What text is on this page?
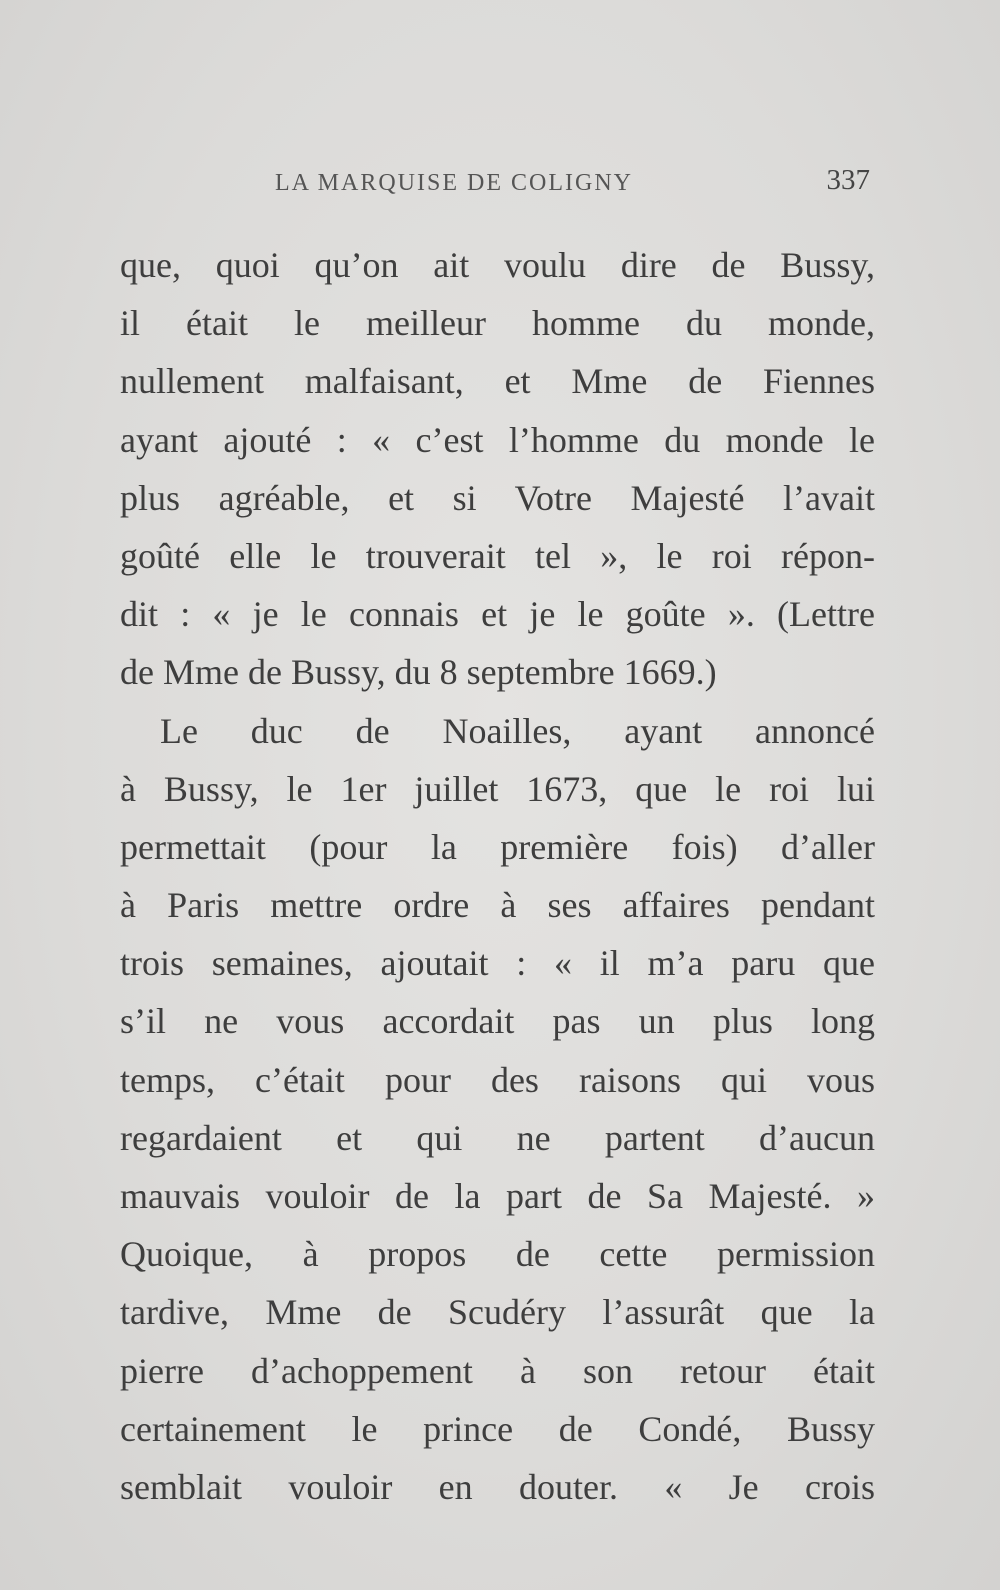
LA MARQUISE DE COLIGNY	337
que, quoi qu’on ait voulu dire de Bussy,
il était le meilleur homme du monde,
nullement malfaisant, et Mme de Fiennes
ayant ajouté : « c’est l’homme du monde le
plus agréable, et si Votre Majesté l’avait
goûté elle le trouverait tel », le roi répon-
dit : « je le connais et je le goûte ». (Lettre
de Mme de Bussy, du 8 septembre 1669.)
Le duc de Noailles, ayant annoncé
à Bussy, le 1er juillet 1673, que le roi lui
permettait (pour la première fois) d’aller
à Paris mettre ordre à ses affaires pendant
trois semaines, ajoutait : « il m’a paru que
s’il ne vous accordait pas un plus long
temps, c’était pour des raisons qui vous
regardaient et qui ne partent d’aucun
mauvais vouloir de la part de Sa Majesté. »
Quoique, à propos de cette permission
tardive, Mme de Scudéry l’assurât que la
pierre d’achoppement à son retour était
certainement le prince de Condé, Bussy
semblait vouloir en douter. « Je crois
